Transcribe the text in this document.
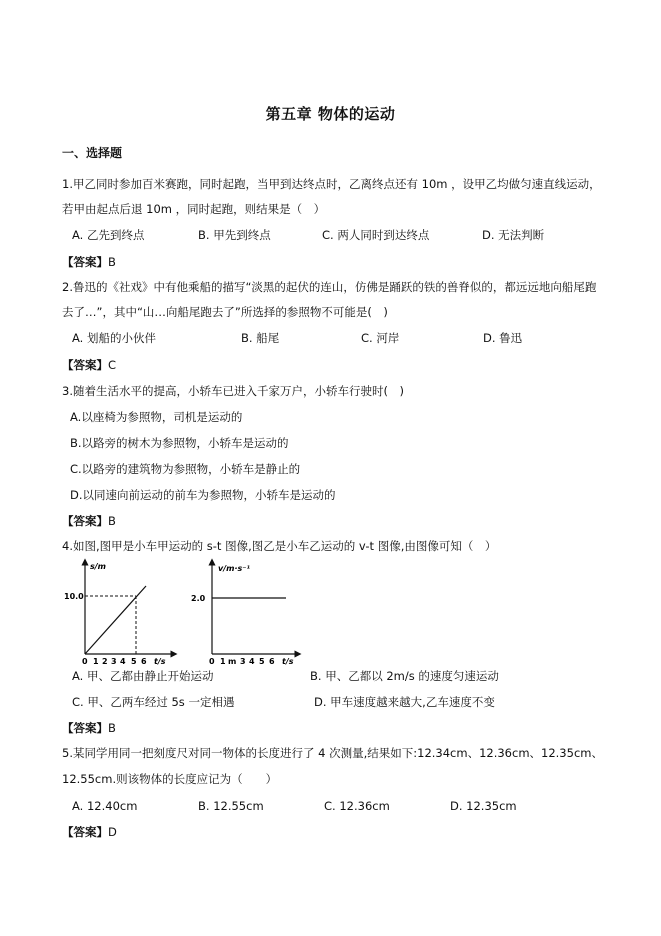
第五章 物体的运动
一、选择题
1.甲乙同时参加百米赛跑，同时起跑，当甲到达终点时，乙离终点还有 10m ，设甲乙均做匀速直线运动，
若甲由起点后退 10m ，同时起跑，则结果是（　）
A. 乙先到终点	B. 甲先到终点	C. 两人同时到达终点	D. 无法判断
【答案】B
2.鲁迅的《社戏》中有他乘船的描写“淡黑的起伏的连山，仿佛是踊跃的铁的兽脊似的，都远远地向船尾跑
去了…”，其中“山…向船尾跑去了”所选择的参照物不可能是(　)
A. 划船的小伙伴	B. 船尾	C. 河岸	D. 鲁迅
【答案】C
3.随着生活水平的提高，小轿车已进入千家万户，小轿车行驶时(　)
A.以座椅为参照物，司机是运动的
B.以路旁的树木为参照物，小轿车是运动的
C.以路旁的建筑物为参照物，小轿车是静止的
D.以同速向前运动的前车为参照物，小轿车是运动的
【答案】B
4.如图,图甲是小车甲运动的 s-t 图像,图乙是小车乙运动的 v-t 图像,由图像可知（　）
s/m
10.0
0 1 2 3 4 5 6 t/s
v/m·s⁻¹
2.0
0 1 m 3 4 5 6 t/s
A. 甲、乙都由静止开始运动	B. 甲、乙都以 2m/s 的速度匀速运动
C. 甲、乙两车经过 5s 一定相遇	D. 甲车速度越来越大,乙车速度不变
【答案】B
5.某同学用同一把刻度尺对同一物体的长度进行了 4 次测量,结果如下:12.34cm、12.36cm、12.35cm、
12.55cm.则该物体的长度应记为（　　）
A. 12.40cm	B. 12.55cm	C. 12.36cm	D. 12.35cm
【答案】D
